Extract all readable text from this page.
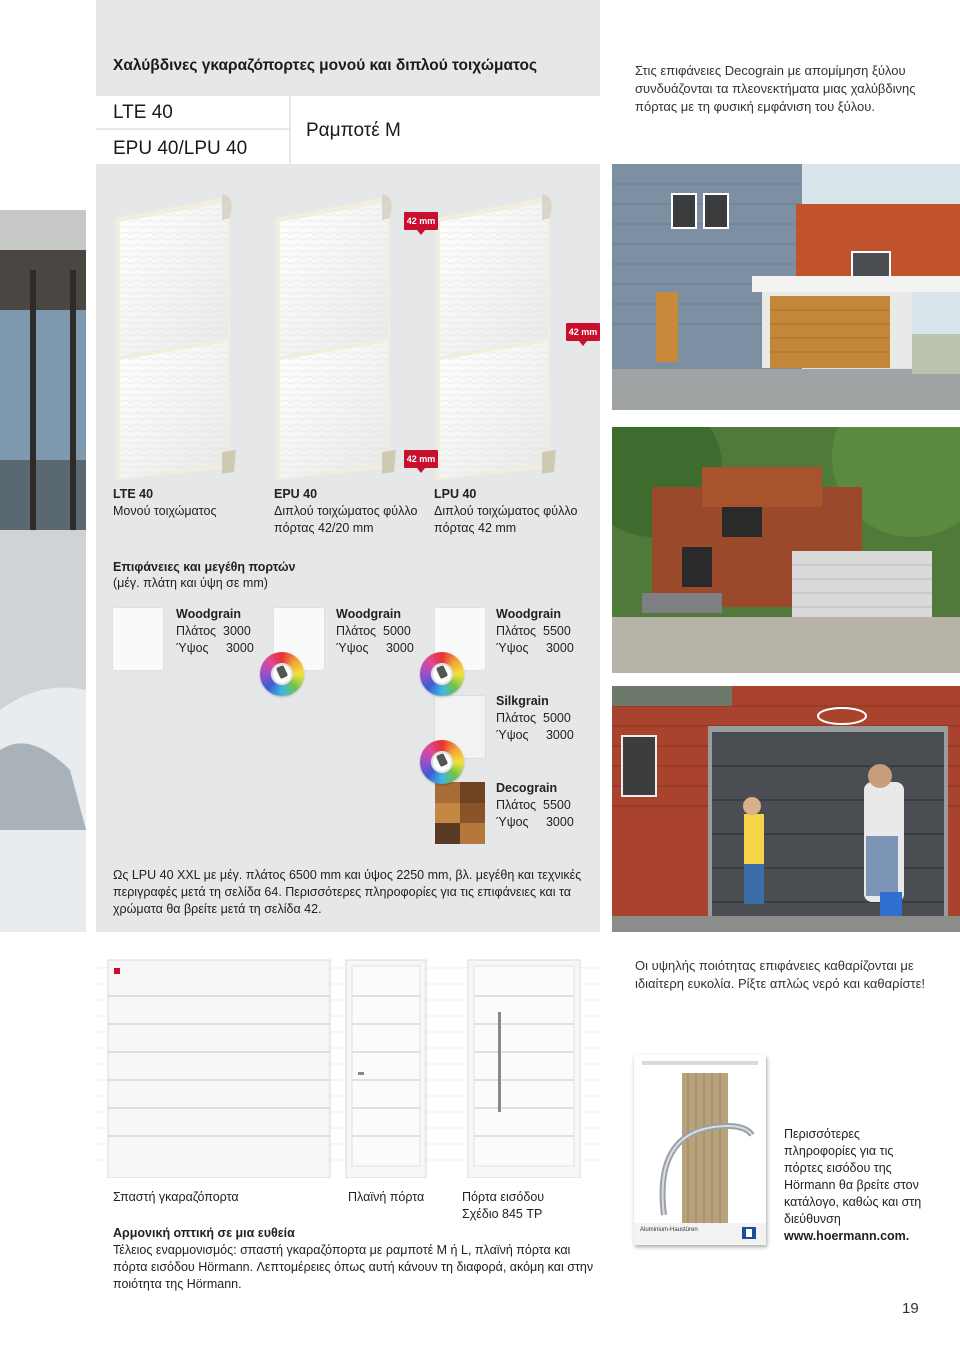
Χαλύβδινες γκαραζόπορτες μονού και διπλού τοιχώματος
LTE 40
EPU 40/LPU 40
Ραμποτέ M
Στις επιφάνειες Decograin με απομίμηση ξύλου συνδυάζονται τα πλεονεκτήματα μιας χαλύβδινης πόρτας με τη φυσική εμφάνιση του ξύλου.
42 mm
42 mm
42 mm
LTE 40
Μονού τοιχώματος
EPU 40
Διπλού τοιχώματος φύλλο πόρτας 42/20 mm
LPU 40
Διπλού τοιχώματος φύλλο πόρτας 42 mm
Επιφάνειες και μεγέθη πορτών
(μέγ. πλάτη και ύψη σε mm)
Woodgrain
Πλάτος 3000
Ύψος 3000
Woodgrain
Πλάτος 5000
Ύψος 3000
Woodgrain
Πλάτος 5500
Ύψος 3000
Silkgrain
Πλάτος 5000
Ύψος 3000
Decograin
Πλάτος 5500
Ύψος 3000
Ως LPU 40 XXL με μέγ. πλάτος 6500 mm και ύψος 2250 mm, βλ. μεγέθη και τεχνικές περιγραφές μετά τη σελίδα 64. Περισσότερες πληροφορίες για τις επιφάνειες και τα χρώματα θα βρείτε μετά τη σελίδα 42.
Σπαστή γκαραζόπορτα	Πλαϊνή πόρτα	Πόρτα εισόδου
Σχέδιο 845 TP
Αρμονική οπτική σε μια ευθεία
Τέλειος εναρμονισμός: σπαστή γκαραζόπορτα με ραμποτέ M ή L, πλαϊνή πόρτα και πόρτα εισόδου Hörmann. Λεπτομέρειες όπως αυτή κάνουν τη διαφορά, ακόμη και στην ποιότητα της Hörmann.
Οι υψηλής ποιότητας επιφάνειες καθαρίζονται με ιδιαίτερη ευκολία. Ρίξτε απλώς νερό και καθαρίστε!
Aluminium-Haustüren
Περισσότερες πληροφορίες για τις πόρτες εισόδου της Hörmann θα βρείτε στον κατάλογο, καθώς και στη διεύθυνση www.hoermann.com.
19
